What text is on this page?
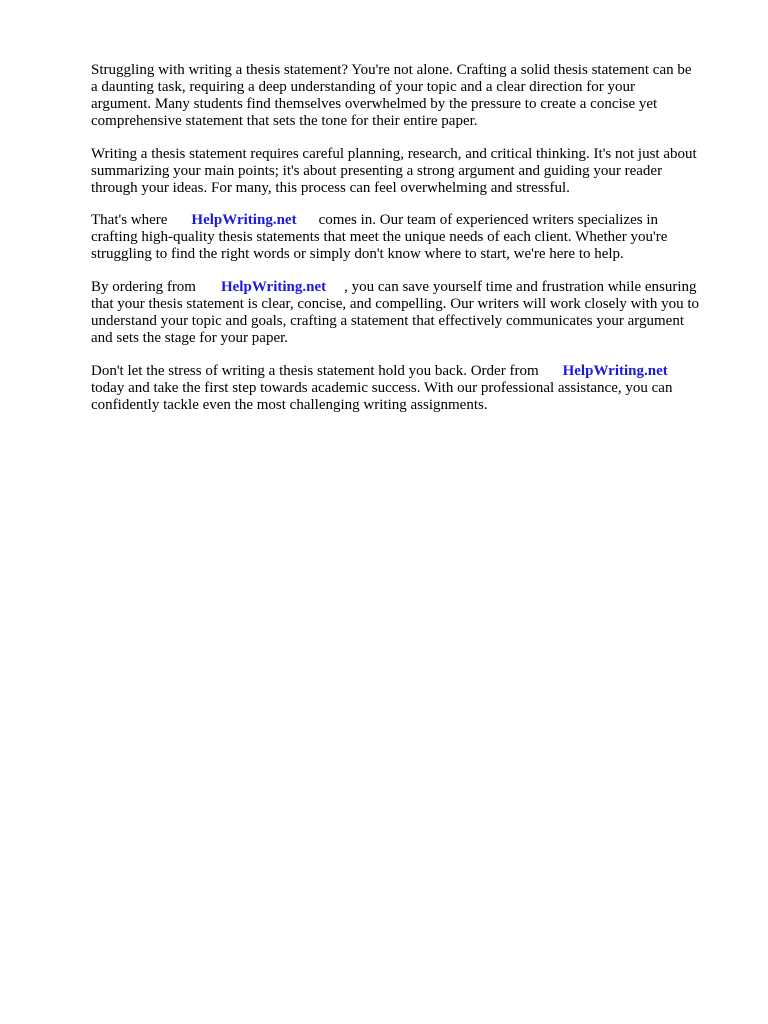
Struggling with writing a thesis statement? You're not alone. Crafting a solid thesis statement can be
a daunting task, requiring a deep understanding of your topic and a clear direction for your
argument. Many students find themselves overwhelmed by the pressure to create a concise yet
comprehensive statement that sets the tone for their entire paper.

Writing a thesis statement requires careful planning, research, and critical thinking. It's not just about
summarizing your main points; it's about presenting a strong argument and guiding your reader
through your ideas. For many, this process can feel overwhelming and stressful.

That's where HelpWriting.net comes in. Our team of experienced writers specializes in
crafting high-quality thesis statements that meet the unique needs of each client. Whether you're
struggling to find the right words or simply don't know where to start, we're here to help.

By ordering from HelpWriting.net , you can save yourself time and frustration while ensuring
that your thesis statement is clear, concise, and compelling. Our writers will work closely with you to
understand your topic and goals, crafting a statement that effectively communicates your argument
and sets the stage for your paper.

Don't let the stress of writing a thesis statement hold you back. Order from HelpWriting.net
today and take the first step towards academic success. With our professional assistance, you can
confidently tackle even the most challenging writing assignments.
